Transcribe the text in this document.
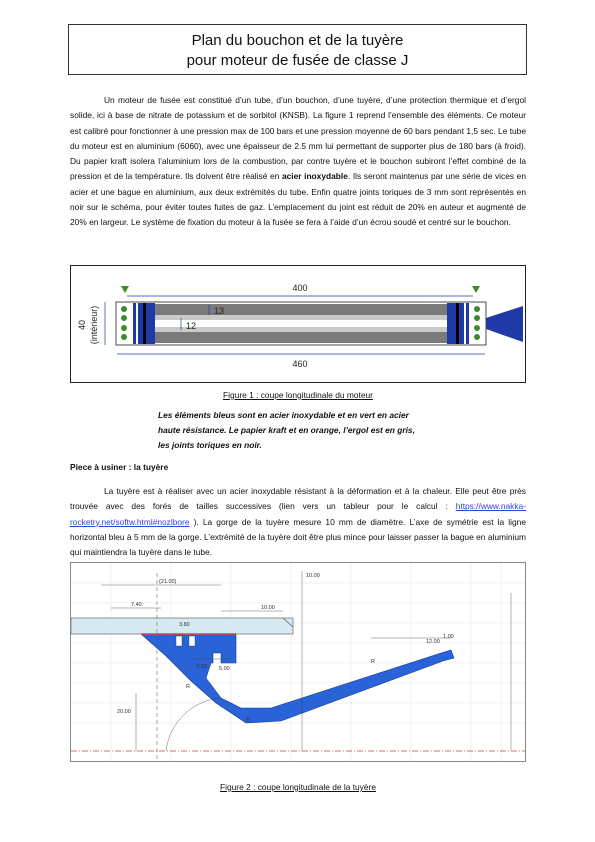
Plan du bouchon et de la tuyère
pour moteur de fusée de classe J

Un moteur de fusée est constitué d’un tube, d’un bouchon, d’une tuyère, d’une protection thermique et d’ergol solide, ici à base de nitrate de potassium et de sorbitol (KNSB). La figure 1 reprend l’ensemble des éléments. Ce moteur est calibré pour fonctionner à une pression max de 100 bars et une pression moyenne de 60 bars pendant 1,5 sec. Le tube du moteur est en aluminium (6060), avec une épaisseur de 2.5 mm lui permettant de supporter plus de 180 bars (à froid). Du papier kraft isolera l’aluminium lors de la combustion, par contre tuyère et le bouchon subiront l’effet combiné de la pression et de la température. Ils doivent être réalisé en acier inoxydable. Ils seront maintenus par une série de vices en acier et une bague en aluminium, aux deux extrémités du tube. Enfin quatre joints toriques de 3 mm sont représentés en noir sur le schéma, pour éviter toutes fuites de gaz. L’emplacement du joint est réduit de 20% en auteur et augmenté de 20% en largeur. Le système de fixation du moteur à la fusée se fera à l’aide d’un écrou soudé et centré sur le bouchon.

40 (intérieur)
400
13
12
460
Figure 1 : coupe longitudinale du moteur
Les éléments bleus sont en acier inoxydable et en vert en acier haute résistance. Le papier kraft et en orange, l’ergol est en gris, les joints toriques en noir.
Piece à usiner : la tuyère

La tuyère est à réaliser avec un acier inoxydable résistant à la déformation et à la chaleur. Elle peut être près trouvée avec des forés de tailles successives (lien vers un tableur pour le calcul : https://www.nakka-rocketry.net/softw.html#nozlbore ). La gorge de la tuyère mesure 10 mm de diamètre. L’axe de symétrie est la ligne horizontal bleu à 5 mm de la gorge. L’extrémité de la tuyère doit être plus mince pour laisser passer la bague en aluminium qui maintiendra la tuyère dans le tube.

(21.00)
7.40
3.80
10.00
3.20 5.00
10.00
12.00
1.00
20.00
R
R
R
Figure 2 : coupe longitudinale de la tuyère
